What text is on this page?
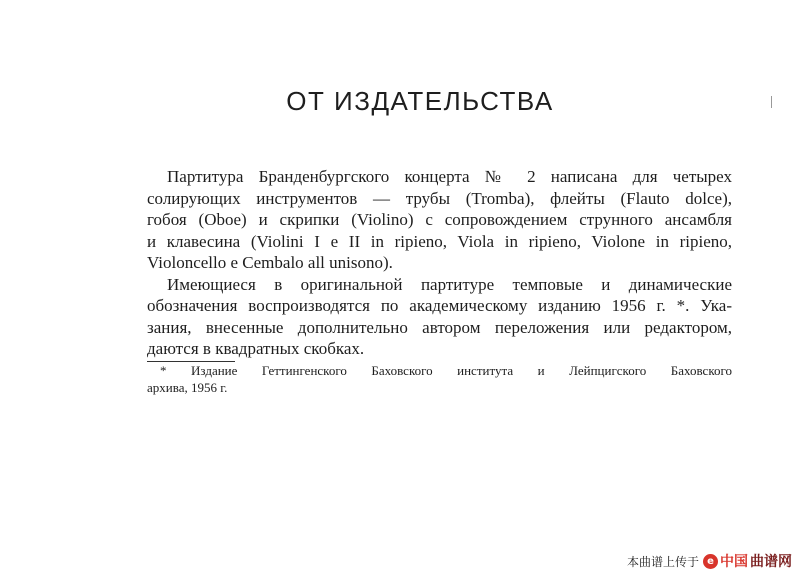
ОТ ИЗДАТЕЛЬСТВА
Партитура Бранденбургского концерта № 2 написана для четырех
солирующих инструментов — трубы (Tromba), флейты (Flauto dolce),
гобоя (Oboe) и скрипки (Violino) с сопровождением струнного ансамбля
и клавесина (Violini I е II in ripieno, Viola in ripieno, Violone in ripieno,
Violoncello е Cembalo all unisono).
Имеющиеся в оригинальной партитуре темповые и динамические
обозначения воспроизводятся по академическому изданию 1956 г. *. Ука-
зания, внесенные дополнительно автором переложения или редактором,
даются в квадратных скобках.
* Издание Геттингенского Баховского института и Лейпцигского Баховского
архива, 1956 г.
本曲谱上传于 e 中国 曲谱网
